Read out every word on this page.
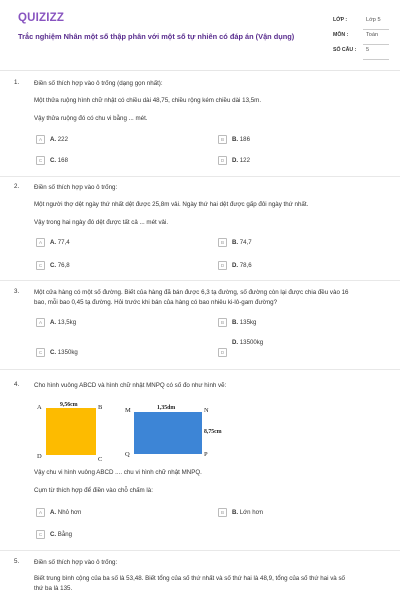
QUIZIZZ
Trắc nghiệm Nhân một số thập phân với một số tự nhiên có đáp án (Vận dụng)
LỚP :	Lớp 5
MÔN :	Toán
SỐ CÂU : 5
1. Điền số thích hợp vào ô trống (dạng gọn nhất):
Một thửa ruộng hình chữ nhật có chiều dài 48,75, chiều rộng kém chiều dài 13,5m.
Vậy thửa ruộng đó có chu vi bằng ... mét.
A	A. 222	B	B. 186
C	C. 168	D	D. 122
2. Điền số thích hợp vào ô trống:
Một người thợ dệt ngày thứ nhất dệt được 25,8m vải. Ngày thứ hai dệt được gấp đôi ngày thứ nhất.
Vậy trong hai ngày đó dệt được tất cả ... mét vải.
A	A. 77,4	B	B. 74,7
C	C. 76,8	D	D. 78,6
3. Một cửa hàng có một số đường. Biết của hàng đã bán được 6,3 tạ đường, số đường còn lại được chia đều vào 16
bao, mỗi bao 0,45 tạ đường. Hỏi trước khi bán của hàng có bao nhiêu ki-lô-gam đường?
A	A. 13,5kg	B	B. 135kg
C	C. 1350kg	D
D. 13500kg
4. Cho hình vuông ABCD và hình chữ nhật MNPQ có số đo như hình vẽ:
A	B
C
D
9,56cm
M	N
P
Q
1,35dm
8,75cm
Vậy chu vi hình vuông ABCD .... chu vi hình chữ nhật MNPQ.
Cụm từ thích hợp để điền vào chỗ chấm là:
A	A. Nhỏ hơn	B	B. Lớn hơn
C	C. Bằng
5. Điền số thích hợp vào ô trống:
Biết trung bình cộng của ba số là 53,48. Biết tổng của số thứ nhất và số thứ hai là 48,9, tổng của số thứ hai và số
thứ ba là 135.
